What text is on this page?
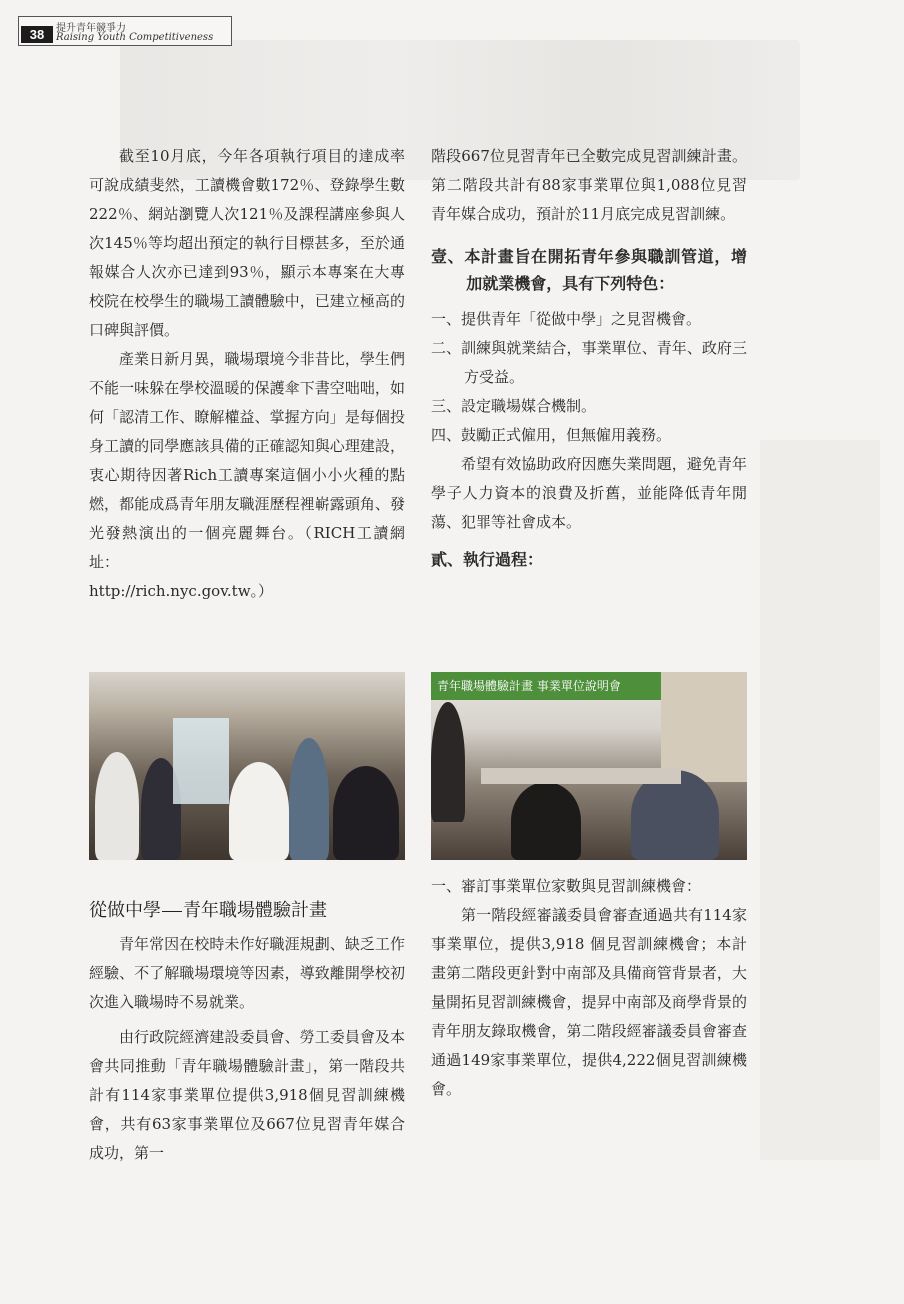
38	提升青年競爭力
Raising Youth Competitiveness

截至10月底，今年各項執行項目的達成率可說成績斐然，工讀機會數172％、登錄學生數222％、網站瀏覽人次121％及課程講座參與人次145％等均超出預定的執行目標甚多，至於通報媒合人次亦已達到93％，顯示本專案在大專校院在校學生的職場工讀體驗中，已建立極高的口碑與評價。

產業日新月異，職場環境今非昔比，學生們不能一味躲在學校溫暖的保護傘下書空咄咄，如何「認清工作、瞭解權益、掌握方向」是每個投身工讀的同學應該具備的正確認知與心理建設，衷心期待因著Rich工讀專案這個小小火種的點燃，都能成爲青年朋友職涯歷程裡嶄露頭角、發光發熱演出的一個亮麗舞台。（RICH工讀網址：

http://rich.nyc.gov.tw。）

階段667位見習青年已全數完成見習訓練計畫。第二階段共計有88家事業單位與1,088位見習青年媒合成功，預計於11月底完成見習訓練。

壹、本計畫旨在開拓青年參與職訓管道，增加就業機會，具有下列特色：

一、提供青年「從做中學」之見習機會。

二、訓練與就業結合，事業單位、青年、政府三方受益。

三、設定職場媒合機制。

四、鼓勵正式僱用，但無僱用義務。

希望有效協助政府因應失業問題，避免青年學子人力資本的浪費及折舊，並能降低青年閒蕩、犯罪等社會成本。

貳、執行過程：

青年職場體驗計畫 事業單位說明會
從做中學 青年職場體驗計畫

青年常因在校時未作好職涯規劃、缺乏工作經驗、不了解職場環境等因素，導致離開學校初次進入職場時不易就業。

由行政院經濟建設委員會、勞工委員會及本會共同推動「青年職場體驗計畫」，第一階段共計有114家事業單位提供3,918個見習訓練機會，共有63家事業單位及667位見習青年媒合成功，第一

一、審訂事業單位家數與見習訓練機會：

第一階段經審議委員會審查通過共有114家事業單位，提供3,918 個見習訓練機會；本計畫第二階段更針對中南部及具備商管背景者，大量開拓見習訓練機會，提昇中南部及商學背景的青年朋友錄取機會，第二階段經審議委員會審查通過149家事業單位，提供4,222個見習訓練機會。
